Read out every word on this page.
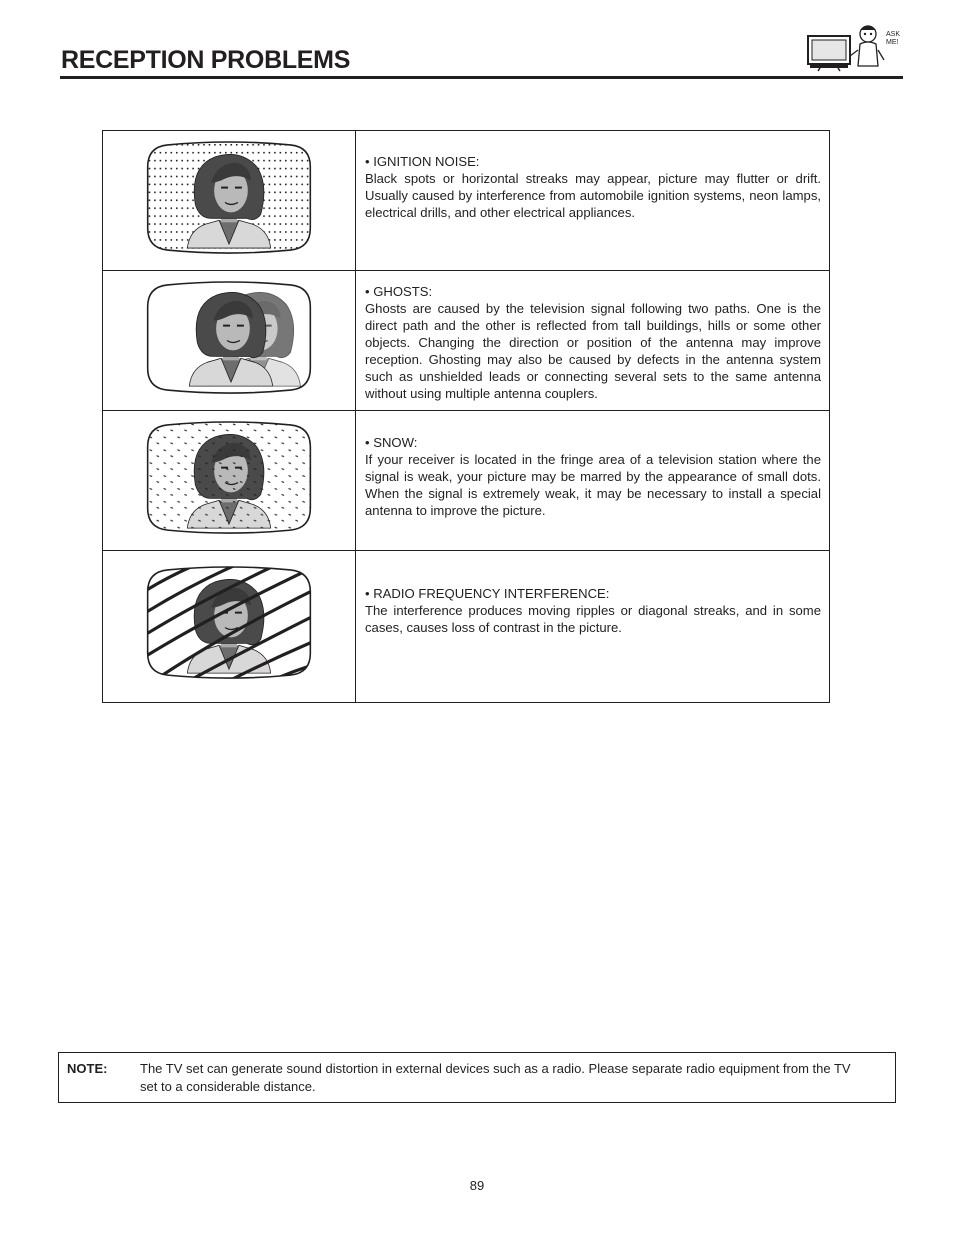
RECEPTION PROBLEMS
ASK
ME!

• IGNITION NOISE:

Black spots or horizontal streaks may appear, picture may flutter or drift. Usually caused by interference from automobile ignition systems, neon lamps, electrical drills, and other electrical appliances.

• GHOSTS:

Ghosts are caused by the television signal following two paths. One is the direct path and the other is reflected from tall buildings, hills or some other objects. Changing the direction or position of the antenna may improve reception. Ghosting may also be caused by defects in the antenna system such as unshielded leads or connecting several sets to the same antenna without using multiple antenna couplers.

• SNOW:

If your receiver is located in the fringe area of a television station where the signal is weak, your picture may be marred by the appearance of small dots. When the signal is extremely weak, it may be necessary to install a special antenna to improve the picture.

• RADIO FREQUENCY INTERFERENCE:

The interference produces moving ripples or diagonal streaks, and in some cases, causes loss of contrast in the picture.

NOTE:	The TV set can generate sound distortion in external devices such as a radio. Please separate radio equipment from the TV set to a considerable distance.

89
